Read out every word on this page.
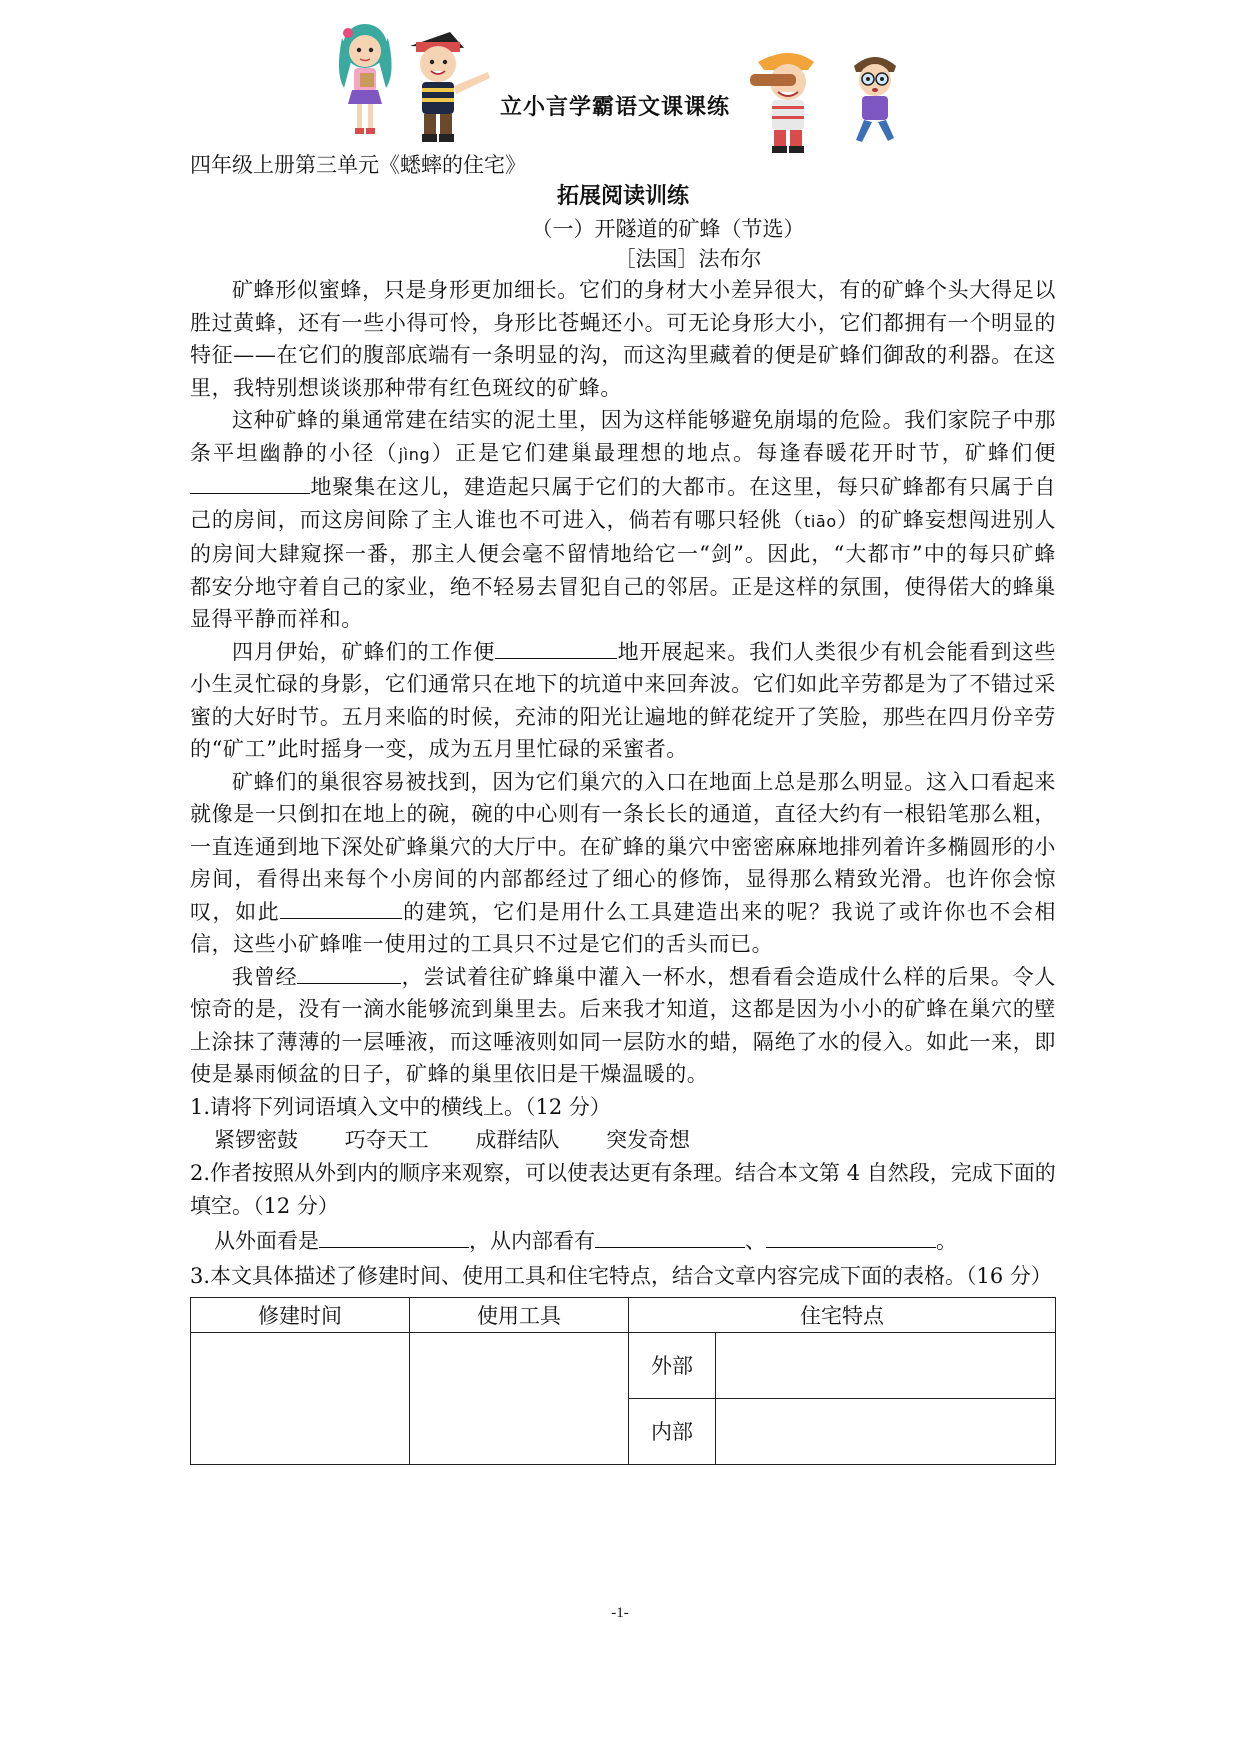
立小言学霸语文课课练

四年级上册第三单元《蟋蟀的住宅》

拓展阅读训练

（一）开隧道的矿蜂（节选）

［法国］法布尔

矿蜂形似蜜蜂，只是身形更加细长。它们的身材大小差异很大，有的矿蜂个头大得足以胜过黄蜂，还有一些小得可怜，身形比苍蝇还小。可无论身形大小，它们都拥有一个明显的特征——在它们的腹部底端有一条明显的沟，而这沟里藏着的便是矿蜂们御敌的利器。在这里，我特别想谈谈那种带有红色斑纹的矿蜂。

这种矿蜂的巢通常建在结实的泥土里，因为这样能够避免崩塌的危险。我们家院子中那条平坦幽静的小径（jìng）正是它们建巢最理想的地点。每逢春暖花开时节，矿蜂们便地聚集在这儿，建造起只属于它们的大都市。在这里，每只矿蜂都有只属于自己的房间，而这房间除了主人谁也不可进入，倘若有哪只轻佻（tiāo）的矿蜂妄想闯进别人的房间大肆窥探一番，那主人便会毫不留情地给它一“剑”。因此，“大都市”中的每只矿蜂都安分地守着自己的家业，绝不轻易去冒犯自己的邻居。正是这样的氛围，使得偌大的蜂巢显得平静而祥和。

四月伊始，矿蜂们的工作便	地开展起来。我们人类很少有机会能看到这些小生灵忙碌的身影，它们通常只在地下的坑道中来回奔波。它们如此辛劳都是为了不错过采蜜的大好时节。五月来临的时候，充沛的阳光让遍地的鲜花绽开了笑脸，那些在四月份辛劳的“矿工”此时摇身一变，成为五月里忙碌的采蜜者。

矿蜂们的巢很容易被找到，因为它们巢穴的入口在地面上总是那么明显。这入口看起来就像是一只倒扣在地上的碗，碗的中心则有一条长长的通道，直径大约有一根铅笔那么粗，一直连通到地下深处矿蜂巢穴的大厅中。在矿蜂的巢穴中密密麻麻地排列着许多椭圆形的小房间，看得出来每个小房间的内部都经过了细心的修饰，显得那么精致光滑。也许你会惊叹，如此	的建筑，它们是用什么工具建造出来的呢？我说了或许你也不会相信，这些小矿蜂唯一使用过的工具只不过是它们的舌头而已。

我曾经	，尝试着往矿蜂巢中灌入一杯水，想看看会造成什么样的后果。令人惊奇的是，没有一滴水能够流到巢里去。后来我才知道，这都是因为小小的矿蜂在巢穴的壁上涂抹了薄薄的一层唾液，而这唾液则如同一层防水的蜡，隔绝了水的侵入。如此一来，即使是暴雨倾盆的日子，矿蜂的巢里依旧是干燥温暖的。

1.请将下列词语填入文中的横线上。（12 分）

紧锣密鼓 巧夺天工 成群结队 突发奇想

2.作者按照从外到内的顺序来观察，可以使表达更有条理。结合本文第 4 自然段，完成下面的填空。（12 分）

从外面看是	，从内部看有	、	。

3.本文具体描述了修建时间、使用工具和住宅特点，结合文章内容完成下面的表格。（16 分）

修建时间	使用工具	住宅特点	
		外部	
		内部	
-1-
